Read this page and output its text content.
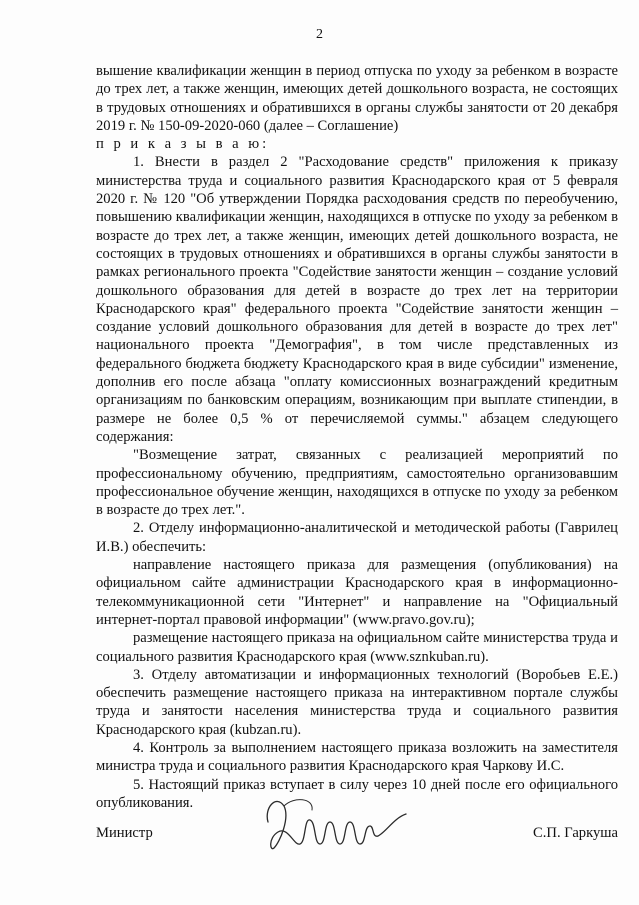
2

вышение квалификации женщин в период отпуска по уходу за ребенком в возрасте до трех лет, а также женщин, имеющих детей дошкольного возраста, не состоящих в трудовых отношениях и обратившихся в органы службы занятости от 20 декабря 2019 г. № 150-09-2020-060 (далее – Соглашение)

п р и к а з ы в а ю:

1. Внести в раздел 2 "Расходование средств" приложения к приказу министерства труда и социального развития Краснодарского края от 5 февраля 2020 г. № 120 "Об утверждении Порядка расходования средств по переобучению, повышению квалификации женщин, находящихся в отпуске по уходу за ребенком в возрасте до трех лет, а также женщин, имеющих детей дошкольного возраста, не состоящих в трудовых отношениях и обратившихся в органы службы занятости в рамках регионального проекта "Содействие занятости женщин – создание условий дошкольного образования для детей в возрасте до трех лет на территории Краснодарского края" федерального проекта "Содействие занятости женщин – создание условий дошкольного образования для детей в возрасте до трех лет" национального проекта "Демография", в том числе представленных из федерального бюджета бюджету Краснодарского края в виде субсидии" изменение, дополнив его после абзаца "оплату комиссионных вознаграждений кредитным организациям по банковским операциям, возникающим при выплате стипендии, в размере не более 0,5 % от перечисляемой суммы." абзацем следующего содержания:

"Возмещение затрат, связанных с реализацией мероприятий по профессиональному обучению, предприятиям, самостоятельно организовавшим профессиональное обучение женщин, находящихся в отпуске по уходу за ребенком в возрасте до трех лет.".

2. Отделу информационно-аналитической и методической работы (Гаврилец И.В.) обеспечить:

направление настоящего приказа для размещения (опубликования) на официальном сайте администрации Краснодарского края в информационно-телекоммуникационной сети "Интернет" и направление на "Официальный интернет-портал правовой информации" (www.pravo.gov.ru);

размещение настоящего приказа на официальном сайте министерства труда и социального развития Краснодарского края (www.sznkuban.ru).

3. Отделу автоматизации и информационных технологий (Воробьев Е.Е.) обеспечить размещение настоящего приказа на интерактивном портале службы труда и занятости населения министерства труда и социального развития Краснодарского края (kubzan.ru).

4. Контроль за выполнением настоящего приказа возложить на заместителя министра труда и социального развития Краснодарского края Чаркову И.С.

5. Настоящий приказ вступает в силу через 10 дней после его официального опубликования.

Министр	С.П. Гаркуша
